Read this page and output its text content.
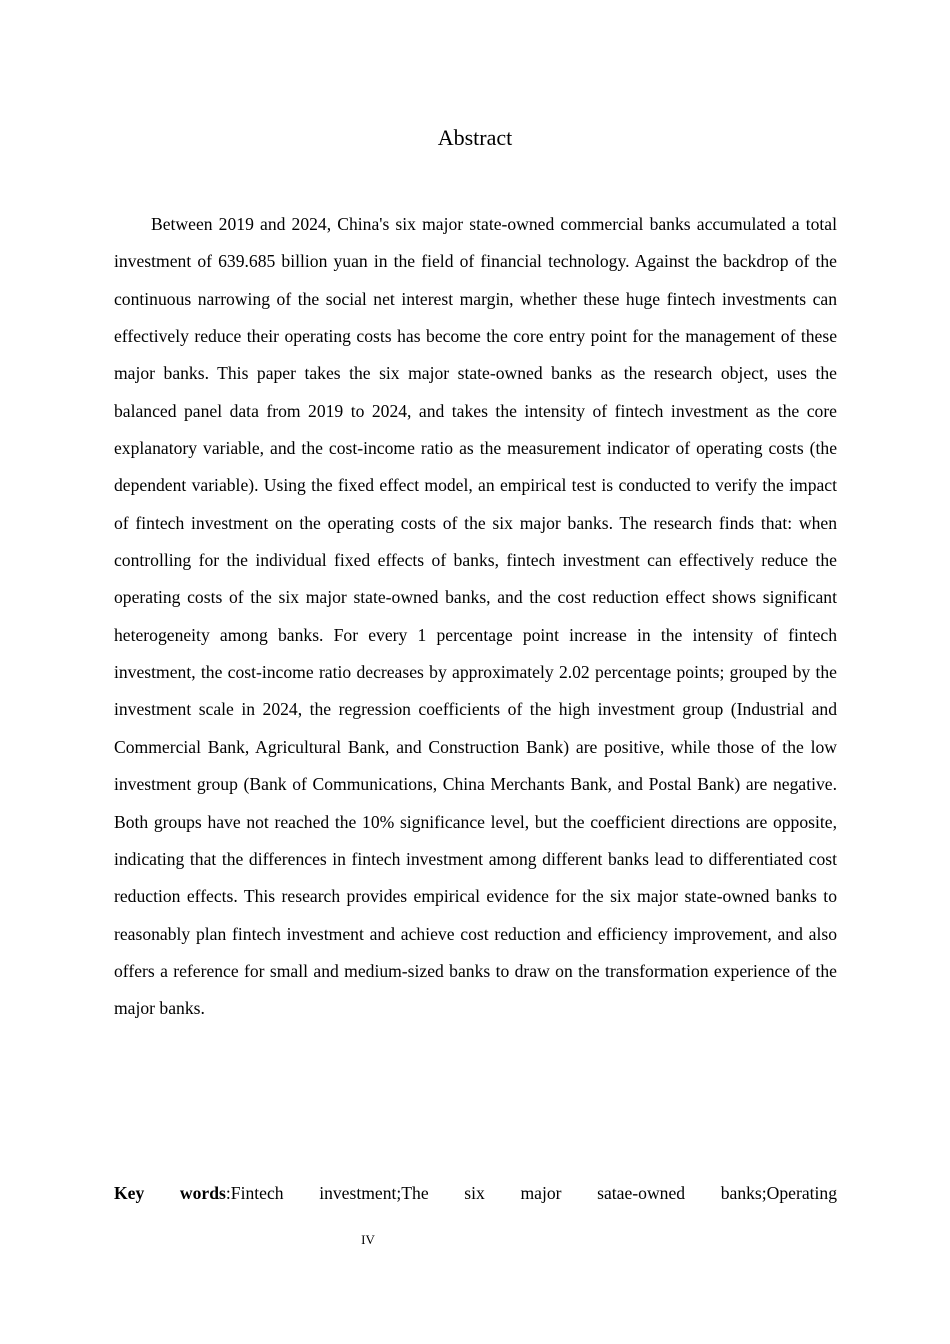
Abstract

Between 2019 and 2024, China's six major state-owned commercial banks accumulated a total investment of 639.685 billion yuan in the field of financial technology. Against the backdrop of the continuous narrowing of the social net interest margin, whether these huge fintech investments can effectively reduce their operating costs has become the core entry point for the management of these major banks. This paper takes the six major state-owned banks as the research object, uses the balanced panel data from 2019 to 2024, and takes the intensity of fintech investment as the core explanatory variable, and the cost-income ratio as the measurement indicator of operating costs (the dependent variable). Using the fixed effect model, an empirical test is conducted to verify the impact of fintech investment on the operating costs of the six major banks. The research finds that: when controlling for the individual fixed effects of banks, fintech investment can effectively reduce the operating costs of the six major state-owned banks, and the cost reduction effect shows significant heterogeneity among banks. For every 1 percentage point increase in the intensity of fintech investment, the cost-income ratio decreases by approximately 2.02 percentage points; grouped by the investment scale in 2024, the regression coefficients of the high investment group (Industrial and Commercial Bank, Agricultural Bank, and Construction Bank) are positive, while those of the low investment group (Bank of Communications, China Merchants Bank, and Postal Bank) are negative. Both groups have not reached the 10% significance level, but the coefficient directions are opposite, indicating that the differences in fintech investment among different banks lead to differentiated cost reduction effects. This research provides empirical evidence for the six major state-owned banks to reasonably plan fintech investment and achieve cost reduction and efficiency improvement, and also offers a reference for small and medium-sized banks to draw on the transformation experience of the major banks.

Key words:Fintech investment;The six major satae-owned banks;Operating

IV
